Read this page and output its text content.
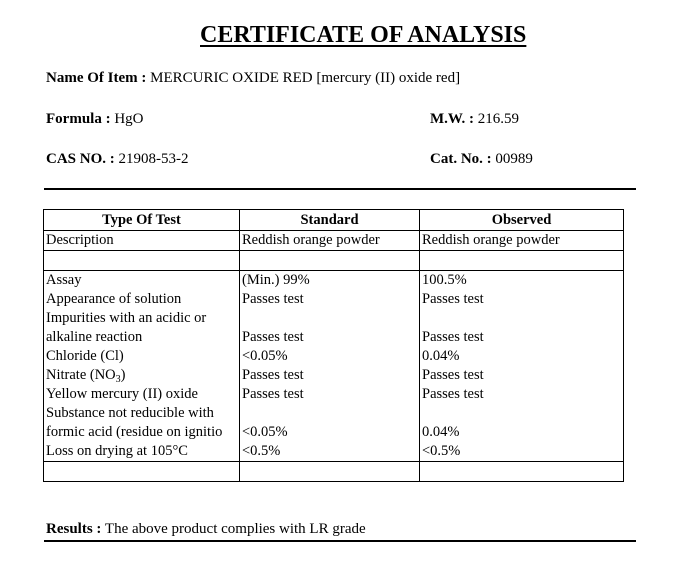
CERTIFICATE OF ANALYSIS
Name Of Item : MERCURIC OXIDE RED [mercury (II) oxide red]
Formula : HgO	M.W. : 216.59
CAS NO. : 21908-53-2	Cat. No. : 00989
Type Of Test	Standard	Observed
Description	Reddish orange powder	Reddish orange powder

Assay	(Min.) 99%	100.5%
Appearance of solution	Passes test	Passes test
Impurities with an acidic or		
alkaline reaction	Passes test	Passes test
Chloride (Cl)	<0.05%	0.04%
Nitrate $(NO_3)$	Passes test	Passes test
Yellow mercury (II) oxide	Passes test	Passes test
Substance not reducible with		
formic acid (residue on ignitio	<0.05%	0.04%
Loss on drying at 105°C	<0.5%	<0.5%

Results : The above product complies with LR grade
